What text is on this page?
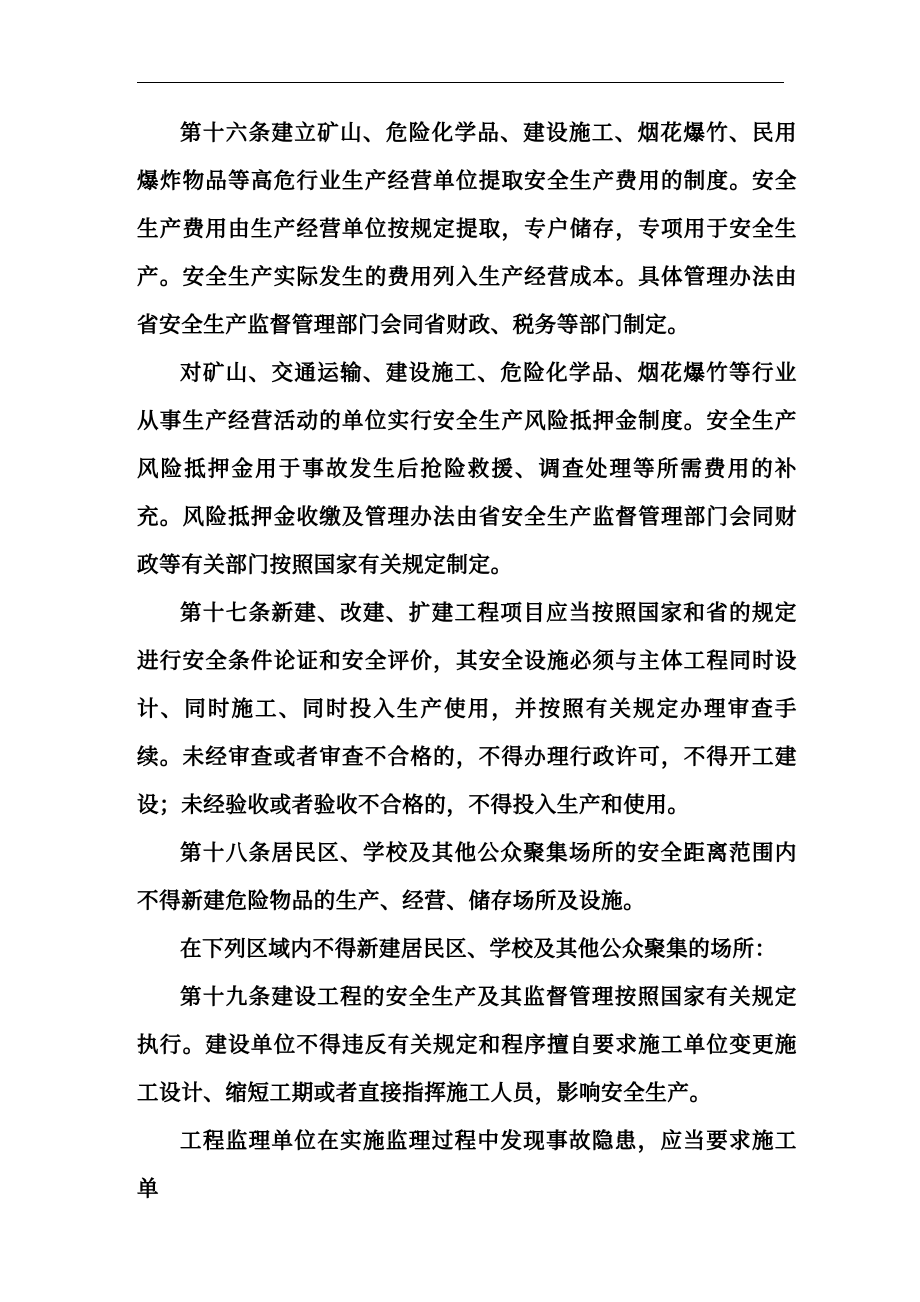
第十六条建立矿山、危险化学品、建设施工、烟花爆竹、民用爆炸物品等高危行业生产经营单位提取安全生产费用的制度。安全生产费用由生产经营单位按规定提取，专户储存，专项用于安全生产。安全生产实际发生的费用列入生产经营成本。具体管理办法由省安全生产监督管理部门会同省财政、税务等部门制定。

对矿山、交通运输、建设施工、危险化学品、烟花爆竹等行业从事生产经营活动的单位实行安全生产风险抵押金制度。安全生产风险抵押金用于事故发生后抢险救援、调查处理等所需费用的补充。风险抵押金收缴及管理办法由省安全生产监督管理部门会同财政等有关部门按照国家有关规定制定。

第十七条新建、改建、扩建工程项目应当按照国家和省的规定进行安全条件论证和安全评价，其安全设施必须与主体工程同时设计、同时施工、同时投入生产使用，并按照有关规定办理审查手续。未经审查或者审查不合格的，不得办理行政许可，不得开工建设；未经验收或者验收不合格的，不得投入生产和使用。

第十八条居民区、学校及其他公众聚集场所的安全距离范围内不得新建危险物品的生产、经营、储存场所及设施。

在下列区域内不得新建居民区、学校及其他公众聚集的场所：

第十九条建设工程的安全生产及其监督管理按照国家有关规定执行。建设单位不得违反有关规定和程序擅自要求施工单位变更施工设计、缩短工期或者直接指挥施工人员，影响安全生产。

工程监理单位在实施监理过程中发现事故隐患，应当要求施工单
